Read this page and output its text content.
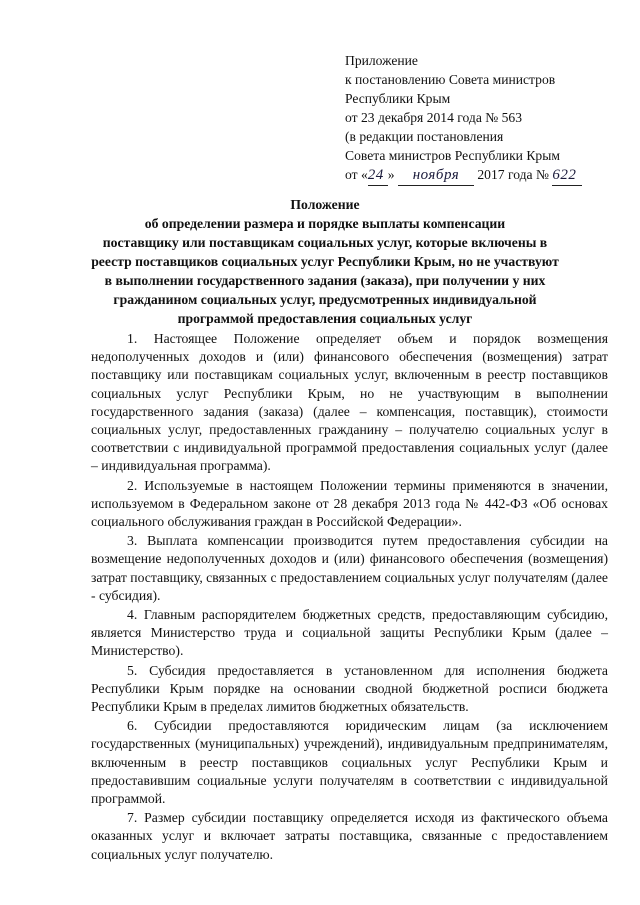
Приложение
к постановлению Совета министров
Республики Крым
от 23 декабря 2014 года № 563
(в редакции постановления
Совета министров Республики Крым
от «24 » ноября 2017 года № 622
Положение
об определении размера и порядке выплаты компенсации
поставщику или поставщикам социальных услуг, которые включены в
реестр поставщиков социальных услуг Республики Крым, но не участвуют
в выполнении государственного задания (заказа), при получении у них
гражданином социальных услуг, предусмотренных индивидуальной
программой предоставления социальных услуг

1. Настоящее Положение определяет объем и порядок возмещения недополученных доходов и (или) финансового обеспечения (возмещения) затрат поставщику или поставщикам социальных услуг, включенным в реестр поставщиков социальных услуг Республики Крым, но не участвующим в выполнении государственного задания (заказа) (далее – компенсация, поставщик), стоимости социальных услуг, предоставленных гражданину – получателю социальных услуг в соответствии с индивидуальной программой предоставления социальных услуг (далее – индивидуальная программа).

2. Используемые в настоящем Положении термины применяются в значении, используемом в Федеральном законе от 28 декабря 2013 года № 442-ФЗ «Об основах социального обслуживания граждан в Российской Федерации».

3. Выплата компенсации производится путем предоставления субсидии на возмещение недополученных доходов и (или) финансового обеспечения (возмещения) затрат поставщику, связанных с предоставлением социальных услуг получателям (далее - субсидия).

4. Главным распорядителем бюджетных средств, предоставляющим субсидию, является Министерство труда и социальной защиты Республики Крым (далее – Министерство).

5. Субсидия предоставляется в установленном для исполнения бюджета Республики Крым порядке на основании сводной бюджетной росписи бюджета Республики Крым в пределах лимитов бюджетных обязательств.

6. Субсидии предоставляются юридическим лицам (за исключением государственных (муниципальных) учреждений), индивидуальным предпринимателям, включенным в реестр поставщиков социальных услуг Республики Крым и предоставившим социальные услуги получателям в соответствии с индивидуальной программой.

7. Размер субсидии поставщику определяется исходя из фактического объема оказанных услуг и включает затраты поставщика, связанные с предоставлением социальных услуг получателю.
